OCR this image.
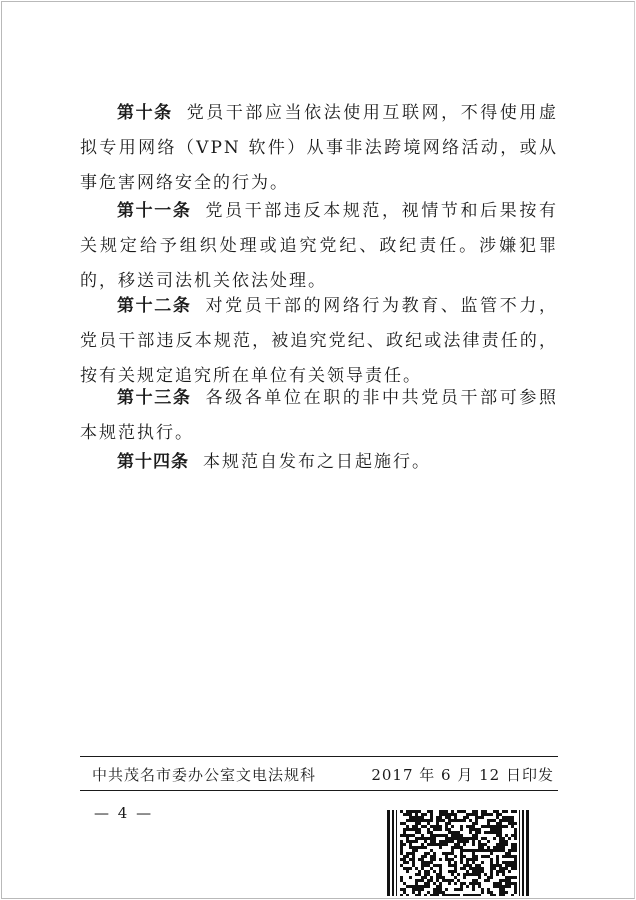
第十条 党员干部应当依法使用互联网，不得使用虚拟专用网络（VPN 软件）从事非法跨境网络活动，或从事危害网络安全的行为。

第十一条 党员干部违反本规范，视情节和后果按有关规定给予组织处理或追究党纪、政纪责任。涉嫌犯罪的，移送司法机关依法处理。

第十二条 对党员干部的网络行为教育、监管不力，党员干部违反本规范，被追究党纪、政纪或法律责任的，按有关规定追究所在单位有关领导责任。

第十三条 各级各单位在职的非中共党员干部可参照本规范执行。

第十四条 本规范自发布之日起施行。

中共茂名市委办公室文电法规科	2017 年 6 月 12 日印发
— 4 —
